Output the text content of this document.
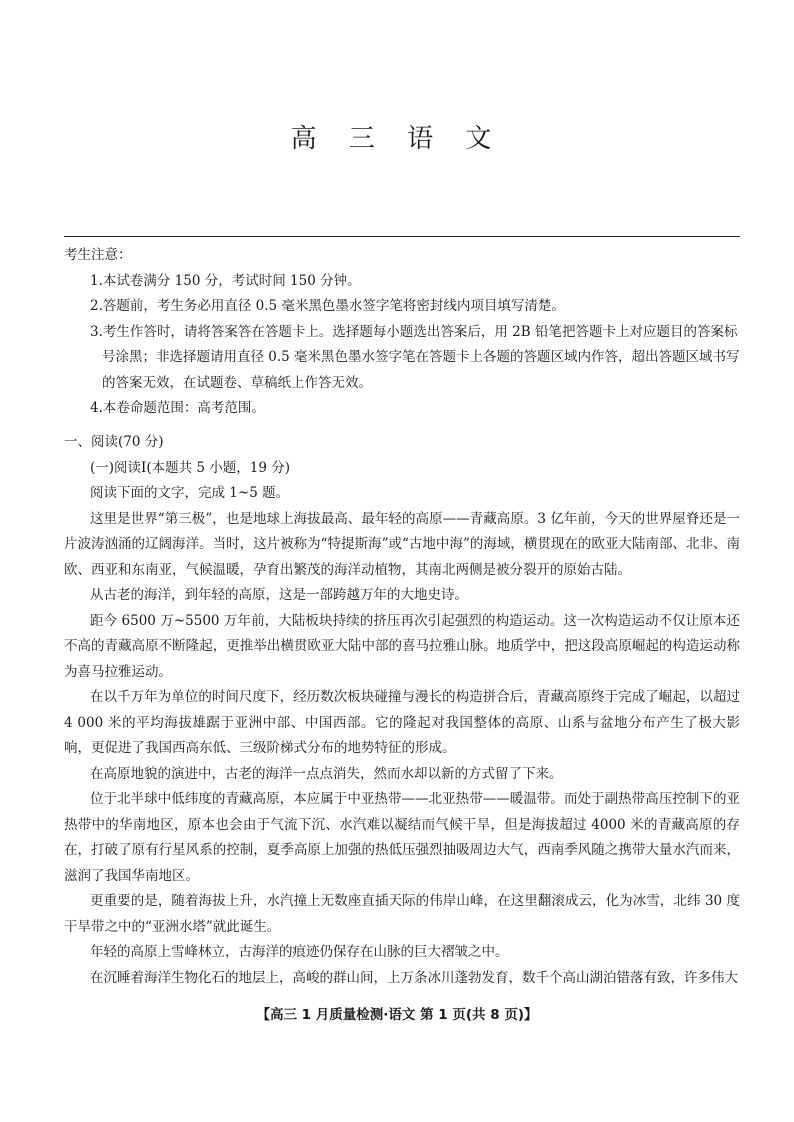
高 三 语 文
考生注意：
1.本试卷满分 150 分，考试时间 150 分钟。
2.答题前，考生务必用直径 0.5 毫米黑色墨水签字笔将密封线内项目填写清楚。
3.考生作答时，请将答案答在答题卡上。选择题每小题选出答案后，用 2B 铅笔把答题卡上对应题目的答案标号涂黑；非选择题请用直径 0.5 毫米黑色墨水签字笔在答题卡上各题的答题区域内作答，超出答题区域书写的答案无效，在试题卷、草稿纸上作答无效。
4.本卷命题范围：高考范围。
一、阅读(70 分)
(一)阅读Ⅰ(本题共 5 小题，19 分)
阅读下面的文字，完成 1~5 题。
这里是世界“第三极”，也是地球上海拔最高、最年轻的高原——青藏高原。3 亿年前，今天的世界屋脊还是一片波涛汹涌的辽阔海洋。当时，这片被称为“特提斯海”或“古地中海”的海域，横贯现在的欧亚大陆南部、北非、南欧、西亚和东南亚，气候温暖，孕育出繁茂的海洋动植物，其南北两侧是被分裂开的原始古陆。
从古老的海洋，到年轻的高原，这是一部跨越万年的大地史诗。
距今 6500 万~5500 万年前，大陆板块持续的挤压再次引起强烈的构造运动。这一次构造运动不仅让原本还不高的青藏高原不断隆起，更推举出横贯欧亚大陆中部的喜马拉雅山脉。地质学中，把这段高原崛起的构造运动称为喜马拉雅运动。
在以千万年为单位的时间尺度下，经历数次板块碰撞与漫长的构造拼合后，青藏高原终于完成了崛起，以超过 4 000 米的平均海拔雄踞于亚洲中部、中国西部。它的隆起对我国整体的高原、山系与盆地分布产生了极大影响，更促进了我国西高东低、三级阶梯式分布的地势特征的形成。
在高原地貌的演进中，古老的海洋一点点消失，然而水却以新的方式留了下来。
位于北半球中低纬度的青藏高原，本应属于中亚热带——北亚热带——暖温带。而处于副热带高压控制下的亚热带中的华南地区，原本也会由于气流下沉、水汽难以凝结而气候干旱，但是海拔超过 4000 米的青藏高原的存在，打破了原有行星风系的控制，夏季高原上加强的热低压强烈抽吸周边大气，西南季风随之携带大量水汽而来，滋润了我国华南地区。
更重要的是，随着海拔上升，水汽撞上无数座直插天际的伟岸山峰，在这里翻滚成云，化为冰雪，北纬 30 度干旱带之中的“亚洲水塔”就此诞生。
年轻的高原上雪峰林立，古海洋的痕迹仍保存在山脉的巨大褶皱之中。
在沉睡着海洋生物化石的地层上，高峻的群山间，上万条冰川蓬勃发育，数千个高山湖泊错落有致，许多伟大
【高三 1 月质量检测·语文 第 1 页(共 8 页)】
